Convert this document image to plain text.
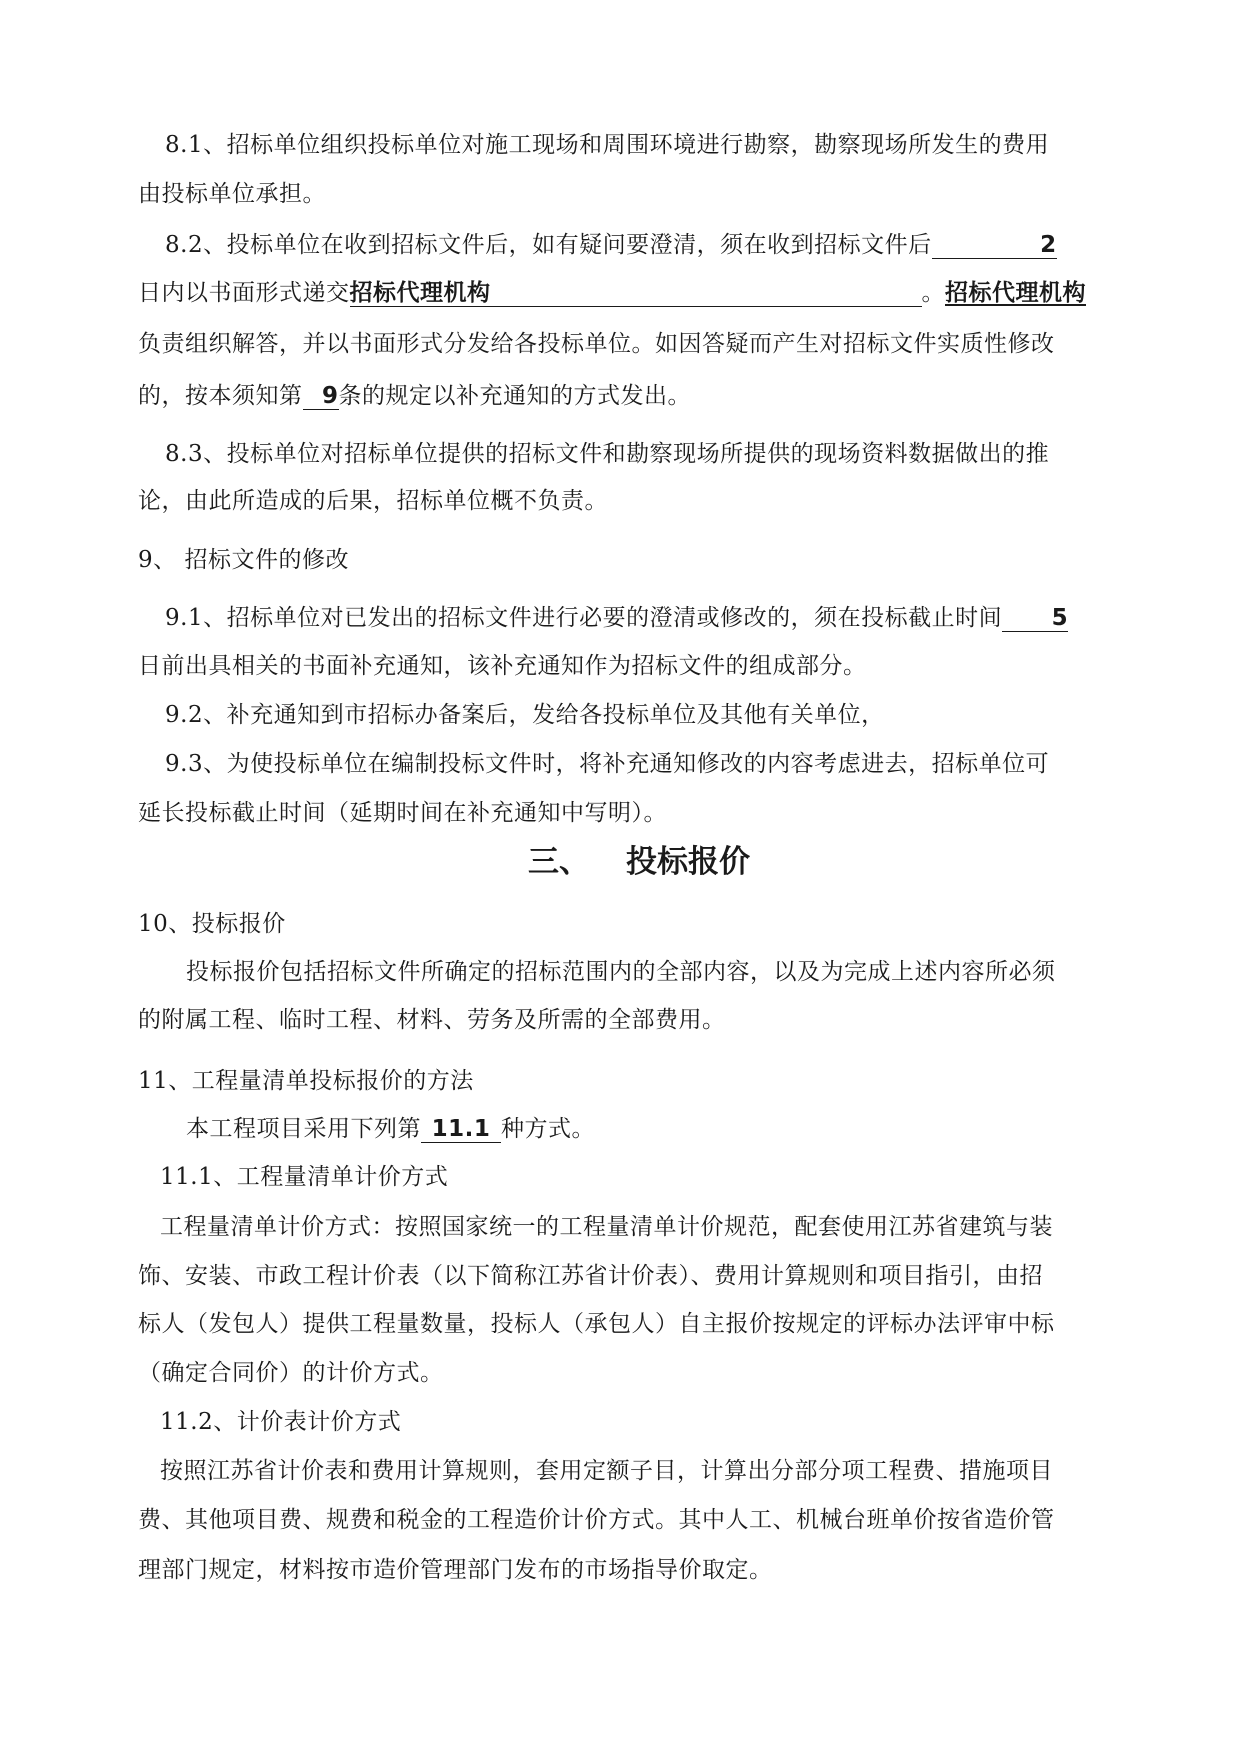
8.1、招标单位组织投标单位对施工现场和周围环境进行勘察，勘察现场所发生的费用
由投标单位承担。
8.2、投标单位在收到招标文件后，如有疑问要澄清，须在收到招标文件后	2
日内以书面形式递交招标代理机构	。招标代理机构
负责组织解答，并以书面形式分发给各投标单位。如因答疑而产生对招标文件实质性修改
的，按本须知第 9条的规定以补充通知的方式发出。
8.3、投标单位对招标单位提供的招标文件和勘察现场所提供的现场资料数据做出的推
论，由此所造成的后果，招标单位概不负责。
9、 招标文件的修改
9.1、招标单位对已发出的招标文件进行必要的澄清或修改的，须在投标截止时间 5
日前出具相关的书面补充通知，该补充通知作为招标文件的组成部分。
9.2、补充通知到市招标办备案后，发给各投标单位及其他有关单位，
9.3、为使投标单位在编制投标文件时，将补充通知修改的内容考虑进去，招标单位可
延长投标截止时间（延期时间在补充通知中写明）。
三、 投标报价
10、投标报价
投标报价包括招标文件所确定的招标范围内的全部内容，以及为完成上述内容所必须
的附属工程、临时工程、材料、劳务及所需的全部费用。
11、工程量清单投标报价的方法
本工程项目采用下列第 11.1 种方式。
11.1、工程量清单计价方式
工程量清单计价方式：按照国家统一的工程量清单计价规范，配套使用江苏省建筑与装
饰、安装、市政工程计价表（以下简称江苏省计价表）、费用计算规则和项目指引，由招
标人（发包人）提供工程量数量，投标人（承包人）自主报价按规定的评标办法评审中标
（确定合同价）的计价方式。
11.2、计价表计价方式
按照江苏省计价表和费用计算规则，套用定额子目，计算出分部分项工程费、措施项目
费、其他项目费、规费和税金的工程造价计价方式。其中人工、机械台班单价按省造价管
理部门规定，材料按市造价管理部门发布的市场指导价取定。
